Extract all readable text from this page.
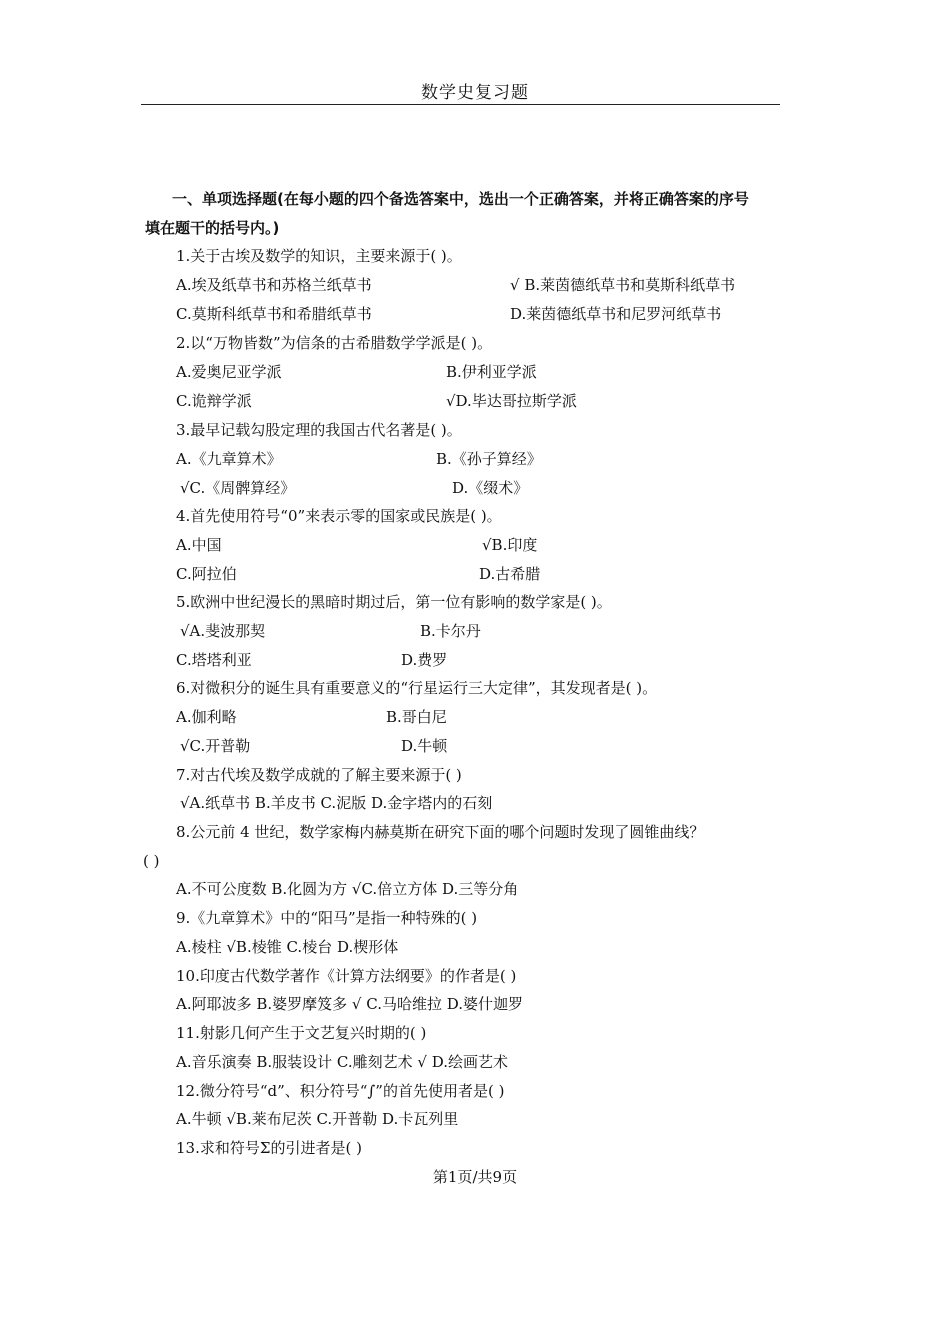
数学史复习题
一、单项选择题(在每小题的四个备选答案中，选出一个正确答案，并将正确答案的序号
填在题干的括号内。)
1.关于古埃及数学的知识，主要来源于( )。
A.埃及纸草书和苏格兰纸草书	√ B.莱茵德纸草书和莫斯科纸草书
C.莫斯科纸草书和希腊纸草书	D.莱茵德纸草书和尼罗河纸草书
2.以“万物皆数”为信条的古希腊数学学派是( )。
A.爱奥尼亚学派	B.伊利亚学派
C.诡辩学派	√D.毕达哥拉斯学派
3.最早记载勾股定理的我国古代名著是( )。
A.《九章算术》	B.《孙子算经》
√C.《周髀算经》	D.《缀术》
4.首先使用符号“0”来表示零的国家或民族是( )。
A.中国	√B.印度
C.阿拉伯	D.古希腊
5.欧洲中世纪漫长的黑暗时期过后，第一位有影响的数学家是( )。
√A.斐波那契	B.卡尔丹
C.塔塔利亚	D.费罗
6.对微积分的诞生具有重要意义的“行星运行三大定律”，其发现者是( )。
A.伽利略	B.哥白尼
√C.开普勒	D.牛顿
7.对古代埃及数学成就的了解主要来源于( )
√A.纸草书 B.羊皮书 C.泥版 D.金字塔内的石刻
8.公元前 4 世纪，数学家梅内赫莫斯在研究下面的哪个问题时发现了圆锥曲线？
( )
A.不可公度数 B.化圆为方 √C.倍立方体 D.三等分角
9.《九章算术》中的“阳马”是指一种特殊的( )
A.棱柱 √B.棱锥 C.棱台 D.楔形体
10.印度古代数学著作《计算方法纲要》的作者是( )
A.阿耶波多 B.婆罗摩笈多 √ C.马哈维拉 D.婆什迦罗
11.射影几何产生于文艺复兴时期的( )
A.音乐演奏 B.服装设计 C.雕刻艺术 √ D.绘画艺术
12.微分符号“d”、积分符号“∫”的首先使用者是( )
A.牛顿 √B.莱布尼茨 C.开普勒 D.卡瓦列里
13.求和符号Σ的引进者是( )
第1页/共9页
